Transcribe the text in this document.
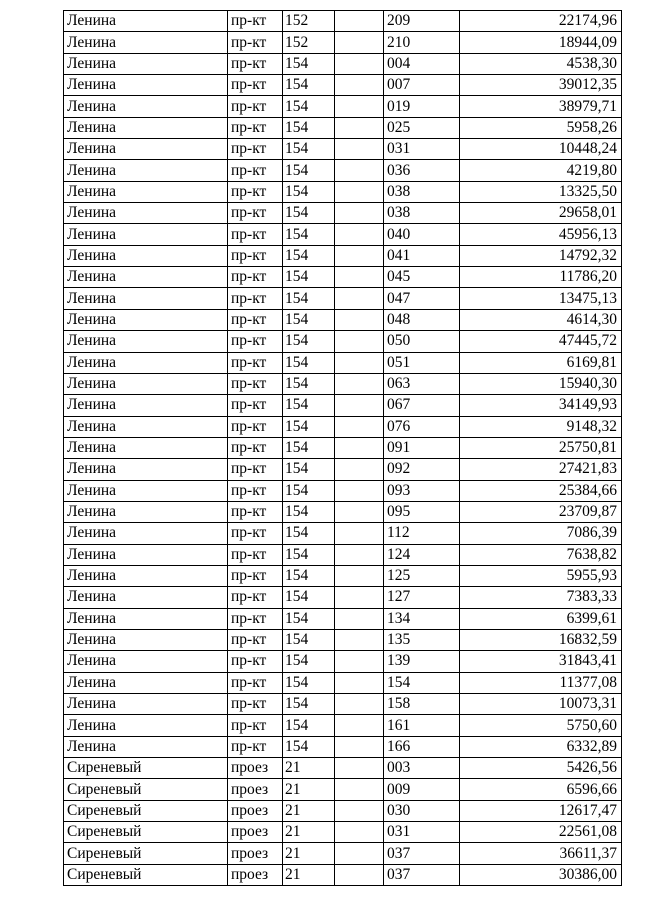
Ленина	пр-кт	152		209	22174,96
Ленина	пр-кт	152		210	18944,09
Ленина	пр-кт	154		004	4538,30
Ленина	пр-кт	154		007	39012,35
Ленина	пр-кт	154		019	38979,71
Ленина	пр-кт	154		025	5958,26
Ленина	пр-кт	154		031	10448,24
Ленина	пр-кт	154		036	4219,80
Ленина	пр-кт	154		038	13325,50
Ленина	пр-кт	154		038	29658,01
Ленина	пр-кт	154		040	45956,13
Ленина	пр-кт	154		041	14792,32
Ленина	пр-кт	154		045	11786,20
Ленина	пр-кт	154		047	13475,13
Ленина	пр-кт	154		048	4614,30
Ленина	пр-кт	154		050	47445,72
Ленина	пр-кт	154		051	6169,81
Ленина	пр-кт	154		063	15940,30
Ленина	пр-кт	154		067	34149,93
Ленина	пр-кт	154		076	9148,32
Ленина	пр-кт	154		091	25750,81
Ленина	пр-кт	154		092	27421,83
Ленина	пр-кт	154		093	25384,66
Ленина	пр-кт	154		095	23709,87
Ленина	пр-кт	154		112	7086,39
Ленина	пр-кт	154		124	7638,82
Ленина	пр-кт	154		125	5955,93
Ленина	пр-кт	154		127	7383,33
Ленина	пр-кт	154		134	6399,61
Ленина	пр-кт	154		135	16832,59
Ленина	пр-кт	154		139	31843,41
Ленина	пр-кт	154		154	11377,08
Ленина	пр-кт	154		158	10073,31
Ленина	пр-кт	154		161	5750,60
Ленина	пр-кт	154		166	6332,89
Сиреневый	проез	21		003	5426,56
Сиреневый	проез	21		009	6596,66
Сиреневый	проез	21		030	12617,47
Сиреневый	проез	21		031	22561,08
Сиреневый	проез	21		037	36611,37
Сиреневый	проез	21		037	30386,00
